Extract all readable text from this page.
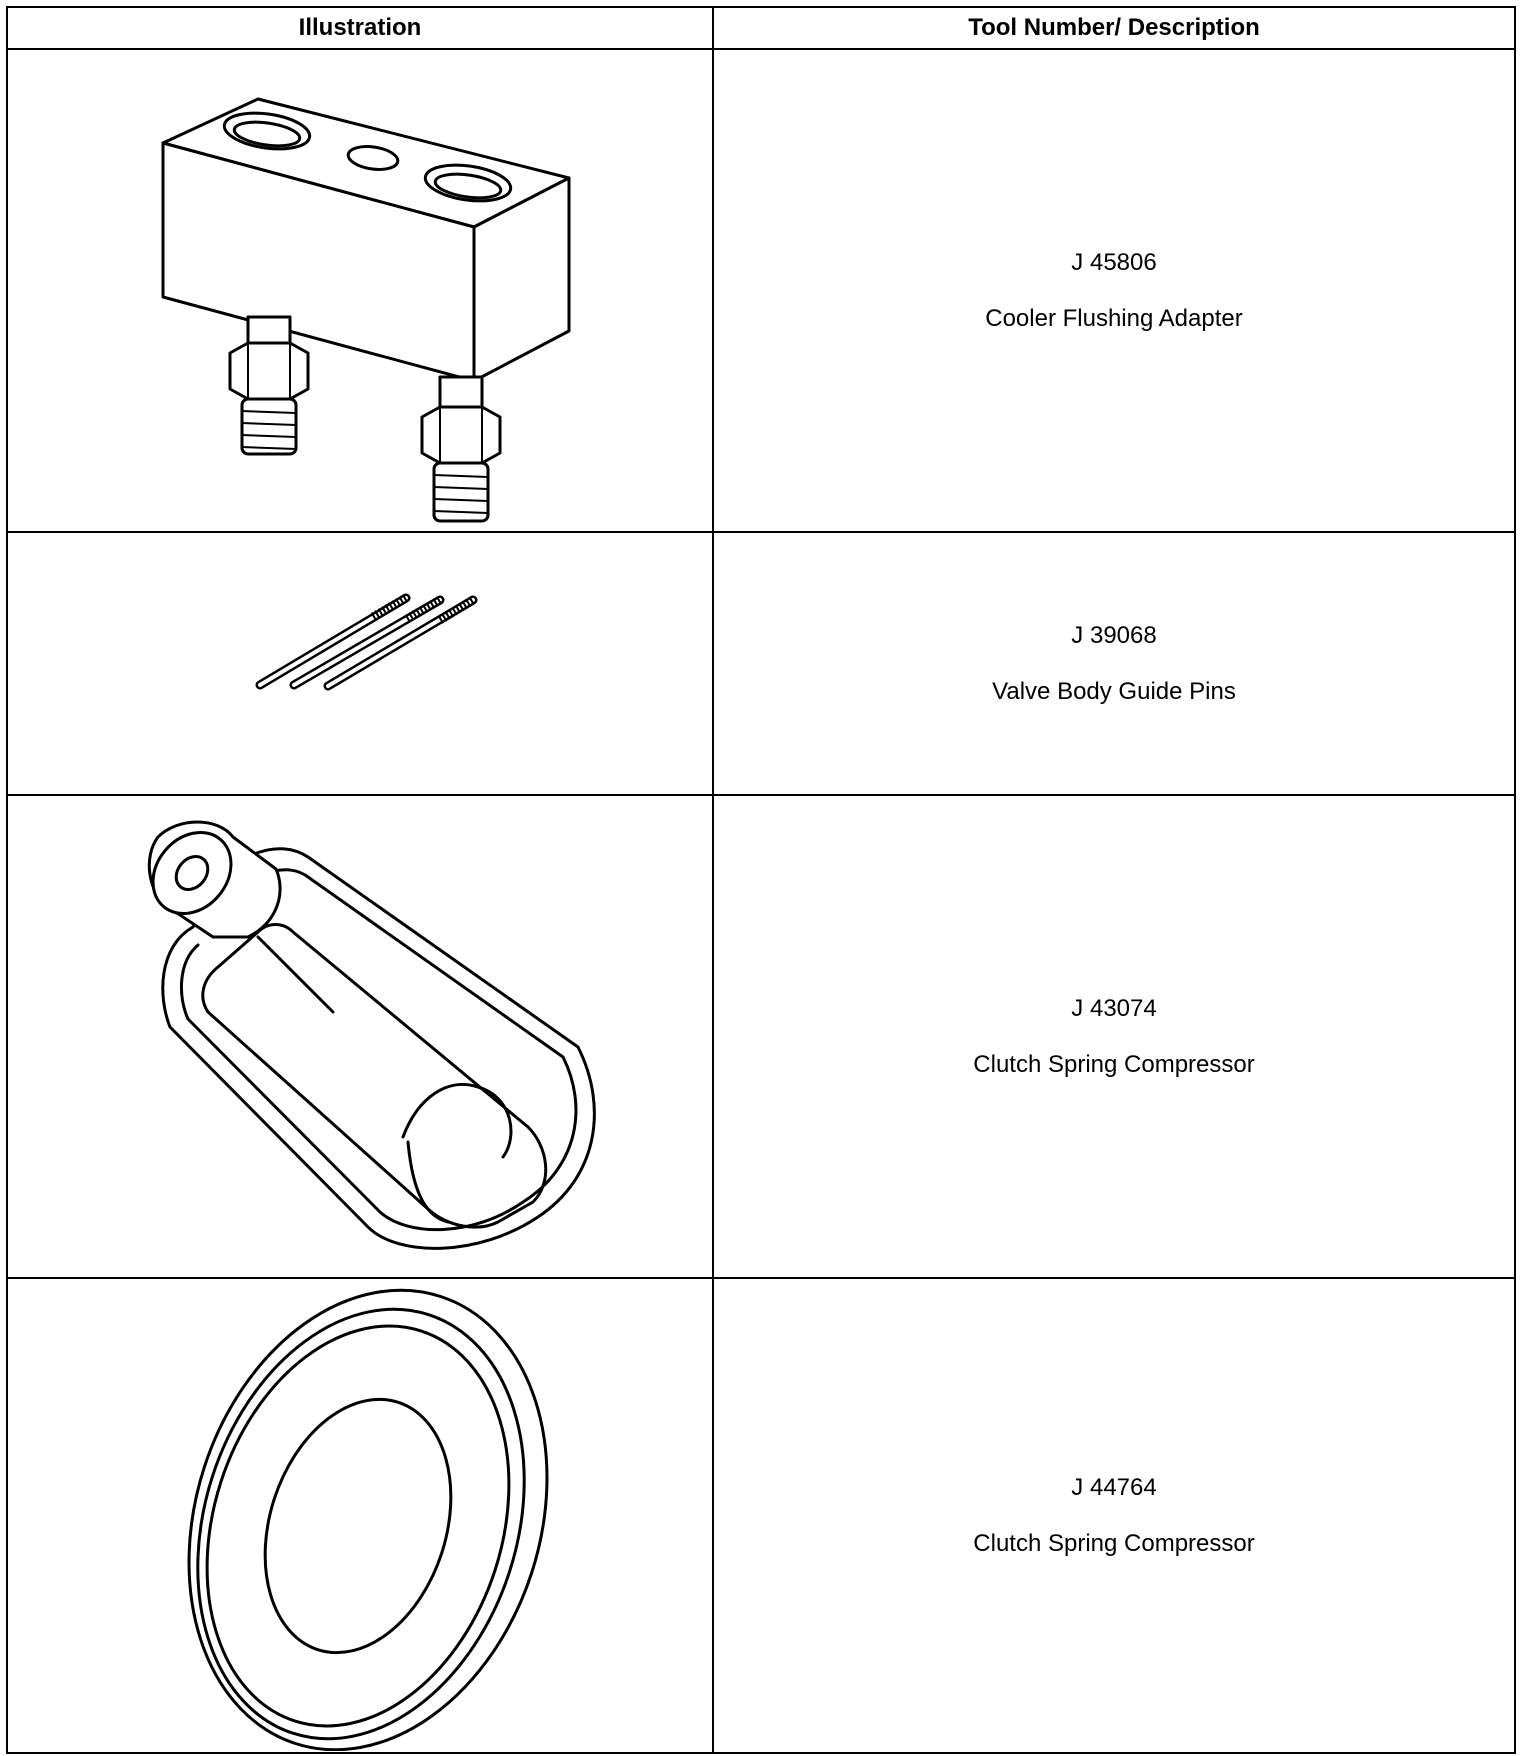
Illustration	Tool Number/ Description

J 45806
Cooler Flushing Adapter

J 39068
Valve Body Guide Pins

J 43074
Clutch Spring Compressor

J 44764
Clutch Spring Compressor
